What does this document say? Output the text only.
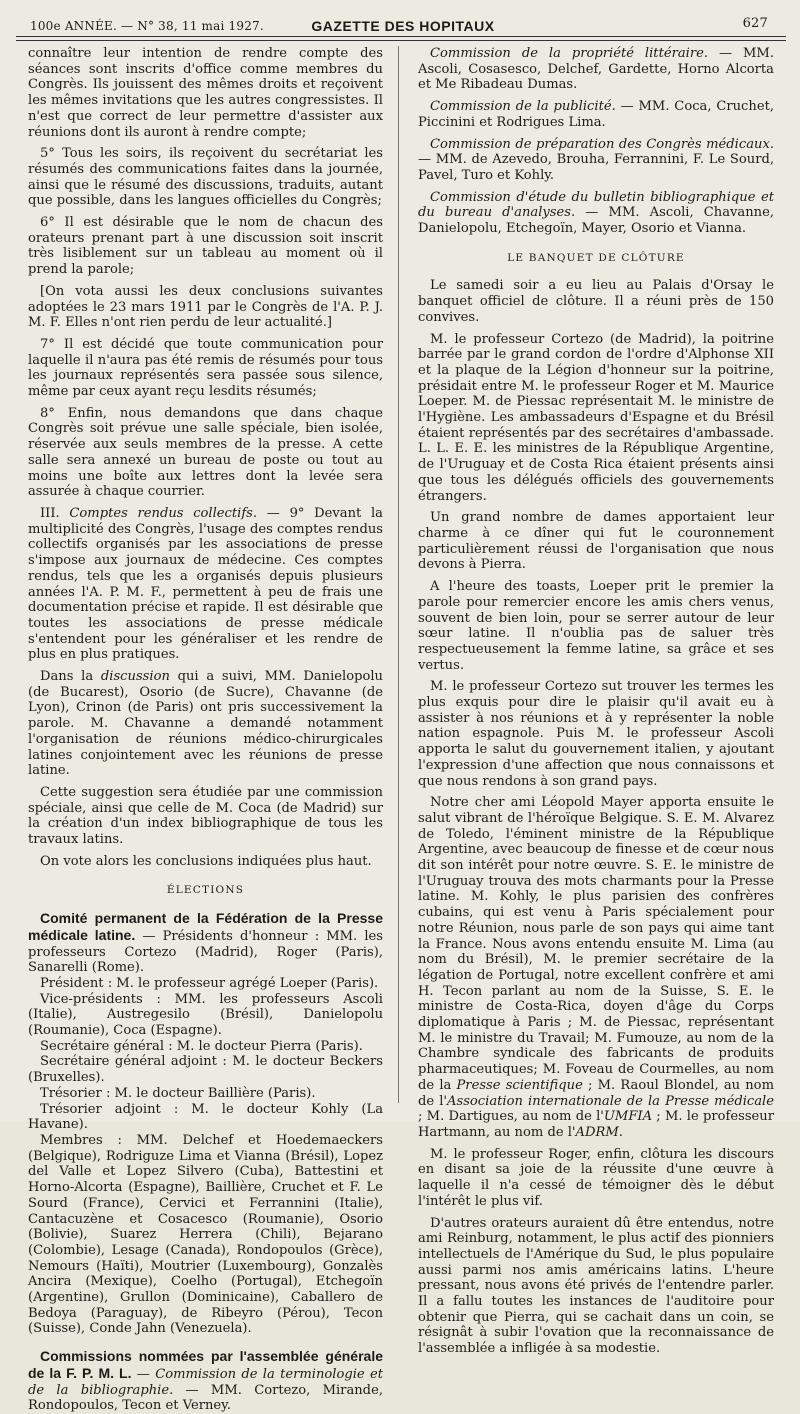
100e ANNÉE. — N° 38, 11 mai 1927.	GAZETTE DES HOPITAUX	627

connaître leur intention de rendre compte des séances sont inscrits d'office comme membres du Congrès. Ils jouissent des mêmes droits et reçoivent les mêmes invitations que les autres congressistes. Il n'est que correct de leur permettre d'assister aux réunions dont ils auront à rendre compte;

5° Tous les soirs, ils reçoivent du secrétariat les résumés des communications faites dans la journée, ainsi que le résumé des discussions, traduits, autant que possible, dans les langues officielles du Congrès;

6° Il est désirable que le nom de chacun des orateurs prenant part à une discussion soit inscrit très lisiblement sur un tableau au moment où il prend la parole;

[On vota aussi les deux conclusions suivantes adoptées le 23 mars 1911 par le Congrès de l'A. P. J. M. F. Elles n'ont rien perdu de leur actualité.]

7° Il est décidé que toute communication pour laquelle il n'aura pas été remis de résumés pour tous les journaux représentés sera passée sous silence, même par ceux ayant reçu lesdits résumés;

8° Enfin, nous demandons que dans chaque Congrès soit prévue une salle spéciale, bien isolée, réservée aux seuls membres de la presse. A cette salle sera annexé un bureau de poste ou tout au moins une boîte aux lettres dont la levée sera assurée à chaque courrier.

III. Comptes rendus collectifs. — 9° Devant la multiplicité des Congrès, l'usage des comptes rendus collectifs organisés par les associations de presse s'impose aux journaux de médecine. Ces comptes rendus, tels que les a organisés depuis plusieurs années l'A. P. M. F., permettent à peu de frais une documentation précise et rapide. Il est désirable que toutes les associations de presse médicale s'entendent pour les généraliser et les rendre de plus en plus pratiques.

Dans la discussion qui a suivi, MM. Danielopolu (de Bucarest), Osorio (de Sucre), Chavanne (de Lyon), Crinon (de Paris) ont pris successivement la parole. M. Chavanne a demandé notamment l'organisation de réunions médico-chirurgicales latines conjointement avec les réunions de presse latine.

Cette suggestion sera étudiée par une commission spéciale, ainsi que celle de M. Coca (de Madrid) sur la création d'un index bibliographique de tous les travaux latins.

On vote alors les conclusions indiquées plus haut.

ÉLECTIONS

Comité permanent de la Fédération de la Presse médicale latine. — Présidents d'honneur : MM. les professeurs Cortezo (Madrid), Roger (Paris), Sanarelli (Rome).

Président : M. le professeur agrégé Loeper (Paris).

Vice-présidents : MM. les professeurs Ascoli (Italie), Austregesilo (Brésil), Danielopolu (Roumanie), Coca (Espagne).

Secrétaire général : M. le docteur Pierra (Paris).

Secrétaire général adjoint : M. le docteur Beckers (Bruxelles).

Trésorier : M. le docteur Baillière (Paris).

Trésorier adjoint : M. le docteur Kohly (La Havane).

Membres : MM. Delchef et Hoedemaeckers (Belgique), Rodriguze Lima et Vianna (Brésil), Lopez del Valle et Lopez Silvero (Cuba), Battestini et Horno-Alcorta (Espagne), Baillière, Cruchet et F. Le Sourd (France), Cervici et Ferrannini (Italie), Cantacuzène et Cosacesco (Roumanie), Osorio (Bolivie), Suarez Herrera (Chili), Bejarano (Colombie), Lesage (Canada), Rondopoulos (Grèce), Nemours (Haïti), Moutrier (Luxembourg), Gonzalès Ancira (Mexique), Coelho (Portugal), Etchegoïn (Argentine), Grullon (Dominicaine), Caballero de Bedoya (Paraguay), de Ribeyro (Pérou), Tecon (Suisse), Conde Jahn (Venezuela).

Commissions nommées par l'assemblée générale de la F. P. M. L. — Commission de la terminologie et de la bibliographie. — MM. Cortezo, Mirande, Rondopoulos, Tecon et Verney.

Commission de la propriété littéraire. — MM. Ascoli, Cosasesco, Delchef, Gardette, Horno Alcorta et Me Ribadeau Dumas.

Commission de la publicité. — MM. Coca, Cruchet, Piccinini et Rodrigues Lima.

Commission de préparation des Congrès médicaux. — MM. de Azevedo, Brouha, Ferrannini, F. Le Sourd, Pavel, Turo et Kohly.

Commission d'étude du bulletin bibliographique et du bureau d'analyses. — MM. Ascoli, Chavanne, Danielopolu, Etchegoïn, Mayer, Osorio et Vianna.

LE BANQUET DE CLÔTURE

Le samedi soir a eu lieu au Palais d'Orsay le banquet officiel de clôture. Il a réuni près de 150 convives.

M. le professeur Cortezo (de Madrid), la poitrine barrée par le grand cordon de l'ordre d'Alphonse XII et la plaque de la Légion d'honneur sur la poitrine, présidait entre M. le professeur Roger et M. Maurice Loeper. M. de Piessac représentait M. le ministre de l'Hygiène. Les ambassadeurs d'Espagne et du Brésil étaient représentés par des secrétaires d'ambassade. L. L. E. E. les ministres de la République Argentine, de l'Uruguay et de Costa Rica étaient présents ainsi que tous les délégués officiels des gouvernements étrangers.

Un grand nombre de dames apportaient leur charme à ce dîner qui fut le couronnement particulièrement réussi de l'organisation que nous devons à Pierra.

A l'heure des toasts, Loeper prit le premier la parole pour remercier encore les amis chers venus, souvent de bien loin, pour se serrer autour de leur sœur latine. Il n'oublia pas de saluer très respectueusement la femme latine, sa grâce et ses vertus.

M. le professeur Cortezo sut trouver les termes les plus exquis pour dire le plaisir qu'il avait eu à assister à nos réunions et à y représenter la noble nation espagnole. Puis M. le professeur Ascoli apporta le salut du gouvernement italien, y ajoutant l'expression d'une affection que nous connaissons et que nous rendons à son grand pays.

Notre cher ami Léopold Mayer apporta ensuite le salut vibrant de l'héroïque Belgique. S. E. M. Alvarez de Toledo, l'éminent ministre de la République Argentine, avec beaucoup de finesse et de cœur nous dit son intérêt pour notre œuvre. S. E. le ministre de l'Uruguay trouva des mots charmants pour la Presse latine. M. Kohly, le plus parisien des confrères cubains, qui est venu à Paris spécialement pour notre Réunion, nous parle de son pays qui aime tant la France. Nous avons entendu ensuite M. Lima (au nom du Brésil), M. le premier secrétaire de la légation de Portugal, notre excellent confrère et ami H. Tecon parlant au nom de la Suisse, S. E. le ministre de Costa-Rica, doyen d'âge du Corps diplomatique à Paris ; M. de Piessac, représentant M. le ministre du Travail; M. Fumouze, au nom de la Chambre syndicale des fabricants de produits pharmaceutiques; M. Foveau de Courmelles, au nom de la Presse scientifique ; M. Raoul Blondel, au nom de l'Association internationale de la Presse médicale ; M. Dartigues, au nom de l'UMFIA ; M. le professeur Hartmann, au nom de l'ADRM.

M. le professeur Roger, enfin, clôtura les discours en disant sa joie de la réussite d'une œuvre à laquelle il n'a cessé de témoigner dès le début l'intérêt le plus vif.

D'autres orateurs auraient dû être entendus, notre ami Reinburg, notamment, le plus actif des pionniers intellectuels de l'Amérique du Sud, le plus populaire aussi parmi nos amis américains latins. L'heure pressant, nous avons été privés de l'entendre parler. Il a fallu toutes les instances de l'auditoire pour obtenir que Pierra, qui se cachait dans un coin, se résignât à subir l'ovation que la reconnaissance de l'assemblée a infligée à sa modestie.
